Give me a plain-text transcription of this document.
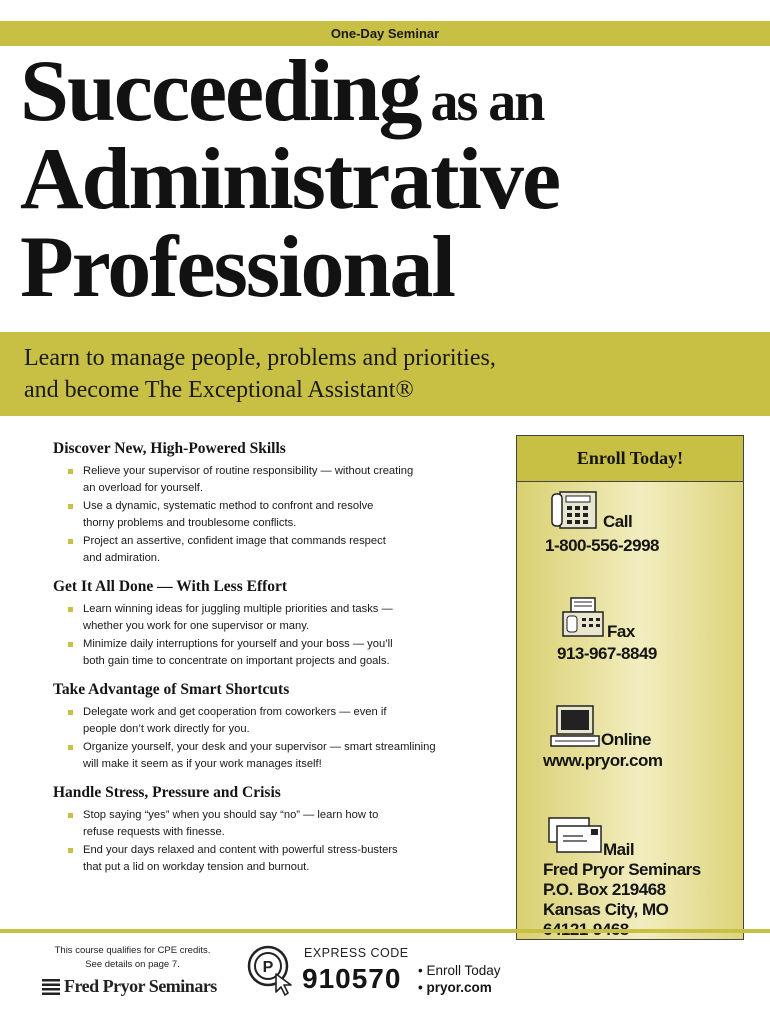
One-Day Seminar
Succeeding as an
Administrative
Professional
Learn to manage people, problems and priorities,
and become The Exceptional Assistant®
Discover New, High-Powered Skills
Relieve your supervisor of routine responsibility — without creating
an overload for yourself.
Use a dynamic, systematic method to confront and resolve
thorny problems and troublesome conflicts.
Project an assertive, confident image that commands respect
and admiration.
Get It All Done — With Less Effort
Learn winning ideas for juggling multiple priorities and tasks —
whether you work for one supervisor or many.
Minimize daily interruptions for yourself and your boss — you’ll
both gain time to concentrate on important projects and goals.
Take Advantage of Smart Shortcuts
Delegate work and get cooperation from coworkers — even if
people don’t work directly for you.
Organize yourself, your desk and your supervisor — smart streamlining
will make it seem as if your work manages itself!
Handle Stress, Pressure and Crisis
Stop saying “yes” when you should say “no” — learn how to
refuse requests with finesse.
End your days relaxed and content with powerful stress-busters
that put a lid on workday tension and burnout.
Enroll Today!
Call
1-800-556-2998
Fax
913-967-8849
Online
www.pryor.com
Mail
Fred Pryor Seminars
P.O. Box 219468
Kansas City, MO
This course qualifies for CPE credits.
See details on page 7.
Fred Pryor Seminars
P
EXPRESS CODE
910570 • Enroll Today
• pryor.com
